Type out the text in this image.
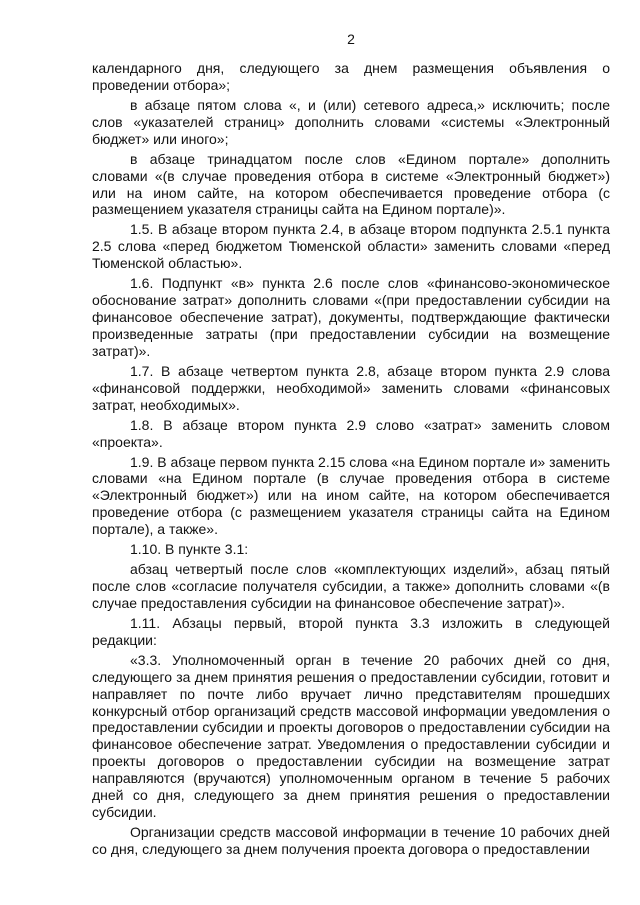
2

календарного дня, следующего за днем размещения объявления о проведении отбора»;

в абзаце пятом слова «, и (или) сетевого адреса,» исключить; после слов «указателей страниц» дополнить словами «системы «Электронный бюджет» или иного»;

в абзаце тринадцатом после слов «Едином портале» дополнить словами «(в случае проведения отбора в системе «Электронный бюджет») или на ином сайте, на котором обеспечивается проведение отбора (с размещением указателя страницы сайта на Едином портале)».

1.5. В абзаце втором пункта 2.4, в абзаце втором подпункта 2.5.1 пункта 2.5 слова «перед бюджетом Тюменской области» заменить словами «перед Тюменской областью».

1.6. Подпункт «в» пункта 2.6 после слов «финансово-экономическое обоснование затрат» дополнить словами «(при предоставлении субсидии на финансовое обеспечение затрат), документы, подтверждающие фактически произведенные затраты (при предоставлении субсидии на возмещение затрат)».

1.7. В абзаце четвертом пункта 2.8, абзаце втором пункта 2.9 слова «финансовой поддержки, необходимой» заменить словами «финансовых затрат, необходимых».

1.8. В абзаце втором пункта 2.9 слово «затрат» заменить словом «проекта».

1.9. В абзаце первом пункта 2.15 слова «на Едином портале и» заменить словами «на Едином портале (в случае проведения отбора в системе «Электронный бюджет») или на ином сайте, на котором обеспечивается проведение отбора (с размещением указателя страницы сайта на Едином портале), а также».

1.10. В пункте 3.1:

абзац четвертый после слов «комплектующих изделий», абзац пятый после слов «согласие получателя субсидии, а также» дополнить словами «(в случае предоставления субсидии на финансовое обеспечение затрат)».

1.11. Абзацы первый, второй пункта 3.3 изложить в следующей редакции:

«3.3. Уполномоченный орган в течение 20 рабочих дней со дня, следующего за днем принятия решения о предоставлении субсидии, готовит и направляет по почте либо вручает лично представителям прошедших конкурсный отбор организаций средств массовой информации уведомления о предоставлении субсидии и проекты договоров о предоставлении субсидии на финансовое обеспечение затрат. Уведомления о предоставлении субсидии и проекты договоров о предоставлении субсидии на возмещение затрат направляются (вручаются) уполномоченным органом в течение 5 рабочих дней со дня, следующего за днем принятия решения о предоставлении субсидии.

Организации средств массовой информации в течение 10 рабочих дней со дня, следующего за днем получения проекта договора о предоставлении
